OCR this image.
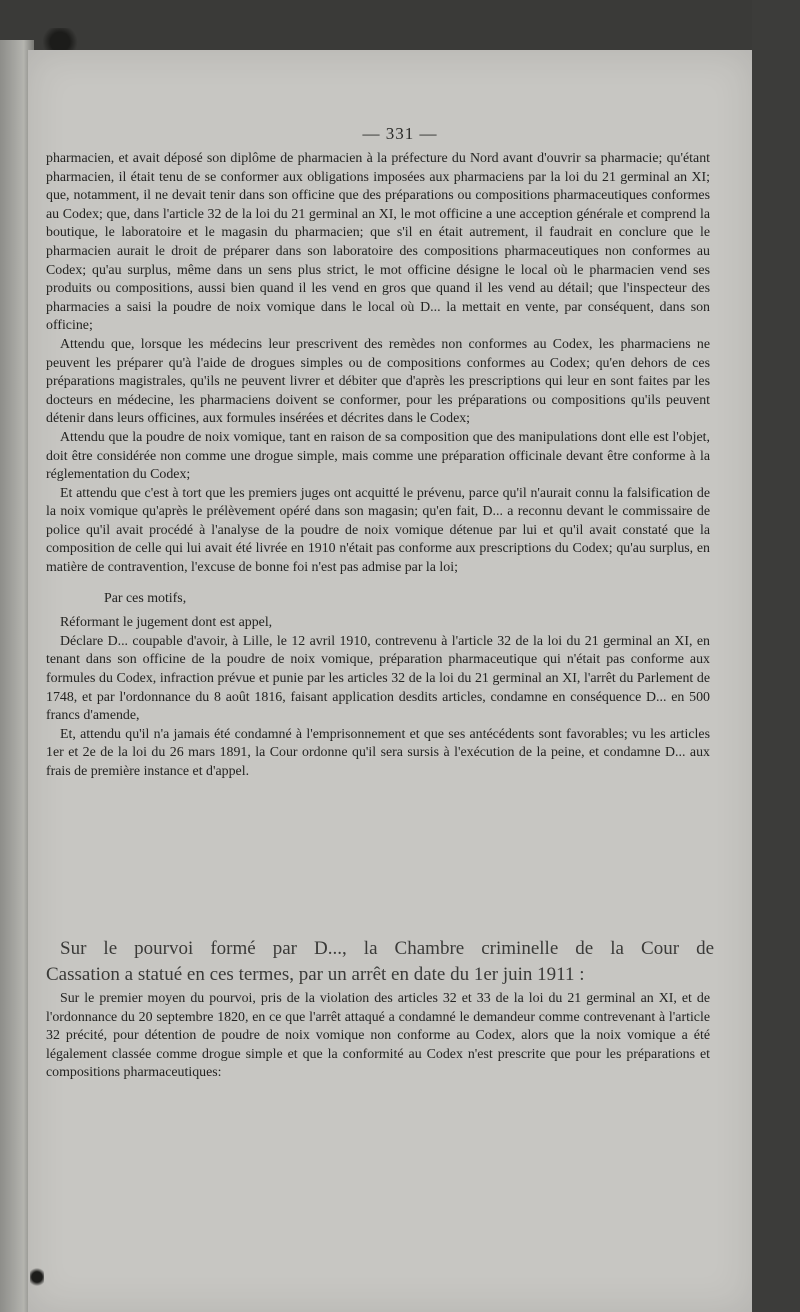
— 331 —

pharmacien, et avait déposé son diplôme de pharmacien à la préfecture du Nord avant d'ouvrir sa pharmacie; qu'étant pharmacien, il était tenu de se conformer aux obligations imposées aux pharmaciens par la loi du 21 germinal an XI; que, notamment, il ne devait tenir dans son officine que des préparations ou compositions pharmaceutiques conformes au Codex; que, dans l'article 32 de la loi du 21 germinal an XI, le mot officine a une acception générale et comprend la boutique, le laboratoire et le magasin du pharmacien; que s'il en était autrement, il faudrait en conclure que le pharmacien aurait le droit de préparer dans son laboratoire des compositions pharmaceutiques non conformes au Codex; qu'au surplus, même dans un sens plus strict, le mot officine désigne le local où le pharmacien vend ses produits ou compositions, aussi bien quand il les vend en gros que quand il les vend au détail; que l'inspecteur des pharmacies a saisi la poudre de noix vomique dans le local où D... la mettait en vente, par conséquent, dans son officine;

Attendu que, lorsque les médecins leur prescrivent des remèdes non conformes au Codex, les pharmaciens ne peuvent les préparer qu'à l'aide de drogues simples ou de compositions conformes au Codex; qu'en dehors de ces préparations magistrales, qu'ils ne peuvent livrer et débiter que d'après les prescriptions qui leur en sont faites par les docteurs en médecine, les pharmaciens doivent se conformer, pour les préparations ou compositions qu'ils peuvent détenir dans leurs officines, aux formules insérées et décrites dans le Codex;

Attendu que la poudre de noix vomique, tant en raison de sa composition que des manipulations dont elle est l'objet, doit être considérée non comme une drogue simple, mais comme une préparation officinale devant être conforme à la réglementation du Codex;

Et attendu que c'est à tort que les premiers juges ont acquitté le prévenu, parce qu'il n'aurait connu la falsification de la noix vomique qu'après le prélèvement opéré dans son magasin; qu'en fait, D... a reconnu devant le commissaire de police qu'il avait procédé à l'analyse de la poudre de noix vomique détenue par lui et qu'il avait constaté que la composition de celle qui lui avait été livrée en 1910 n'était pas conforme aux prescriptions du Codex; qu'au surplus, en matière de contravention, l'excuse de bonne foi n'est pas admise par la loi;

Par ces motifs,

Réformant le jugement dont est appel,

Déclare D... coupable d'avoir, à Lille, le 12 avril 1910, contrevenu à l'article 32 de la loi du 21 germinal an XI, en tenant dans son officine de la poudre de noix vomique, préparation pharmaceutique qui n'était pas conforme aux formules du Codex, infraction prévue et punie par les articles 32 de la loi du 21 germinal an XI, l'arrêt du Parlement de 1748, et par l'ordonnance du 8 août 1816, faisant application desdits articles, condamne en conséquence D... en 500 francs d'amende,

Et, attendu qu'il n'a jamais été condamné à l'emprisonnement et que ses antécédents sont favorables; vu les articles 1er et 2e de la loi du 26 mars 1891, la Cour ordonne qu'il sera sursis à l'exécution de la peine, et condamne D... aux frais de première instance et d'appel.

Sur le pourvoi formé par D..., la Chambre criminelle de la Cour de

Cassation a statué en ces termes, par un arrêt en date du 1er juin 1911 :

Sur le premier moyen du pourvoi, pris de la violation des articles 32 et 33 de la loi du 21 germinal an XI, et de l'ordonnance du 20 septembre 1820, en ce que l'arrêt attaqué a condamné le demandeur comme contrevenant à l'article 32 précité, pour détention de poudre de noix vomique non conforme au Codex, alors que la noix vomique a été légalement classée comme drogue simple et que la conformité au Codex n'est prescrite que pour les préparations et compositions pharmaceutiques:
